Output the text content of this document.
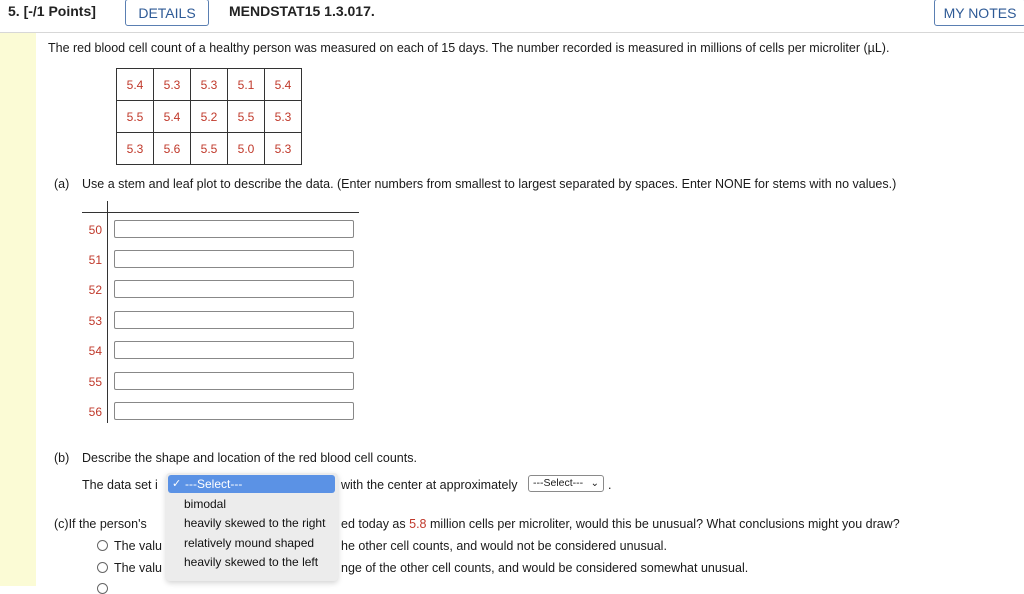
5. [-/1 Points]	DETAILS	MENDSTAT15 1.3.017.	MY NOTES
The red blood cell count of a healthy person was measured on each of 15 days. The number recorded is measured in millions of cells per microliter (µL).
5.4	5.3	5.3	5.1	5.4
5.5	5.4	5.2	5.5	5.3
5.3	5.6	5.5	5.0	5.3
(a) Use a stem and leaf plot to describe the data. (Enter numbers from smallest to largest separated by spaces. Enter NONE for stems with no values.)
50
51
52
53
54
55
56
(b) Describe the shape and location of the red blood cell counts.
The data set i	with the center at approximately	---Select--- ⌄ .
(c)If the person's	ed today as 5.8 million cells per microliter, would this be unusual? What conclusions might you draw?
The valu	he other cell counts, and would not be considered unusual.
The valu	nge of the other cell counts, and would be considered somewhat unusual.
✓ ---Select---
bimodal
heavily skewed to the right
relatively mound shaped
heavily skewed to the left
